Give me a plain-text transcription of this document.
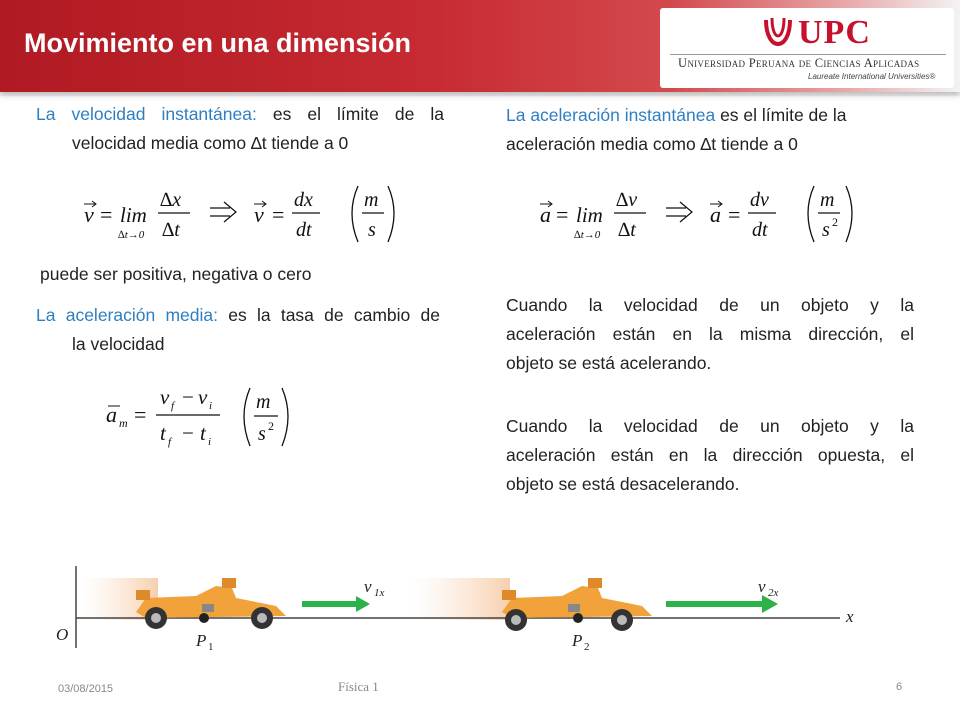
Movimiento en una dimensión	UPC
Universidad Peruana de Ciencias Aplicadas
Laureate International Universities®
La velocidad instantánea: es el límite de la
velocidad media como ∆t tiende a 0
v = lim
∆t→0
∆x
∆t
v =
dx
dt
m
s
puede ser positiva, negativa o cero
La aceleración media: es la tasa de cambio de
la velocidad
a m =
v f − v i
t f − t i
m
s 2
La aceleración instantánea es el límite de la
aceleración media como ∆t tiende a 0
a = lim
∆t→0
∆v
∆t
a =
dv
dt
m
s 2
Cuando la velocidad de un objeto y la
aceleración están en la misma dirección, el
objeto se está acelerando.
Cuando la velocidad de un objeto y la
aceleración están en la dirección opuesta, el
objeto se está desacelerando.
O
x
P 1	P 2
v 1x	v 2x
03/08/2015	Física 1	6
